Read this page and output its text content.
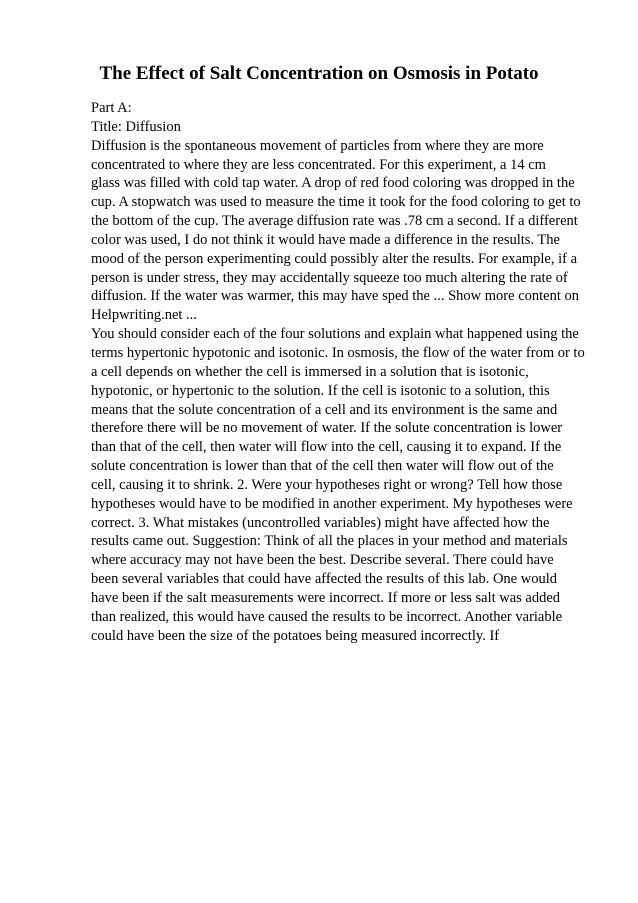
The Effect of Salt Concentration on Osmosis in Potato
Part A:
Title: Diffusion
Diffusion is the spontaneous movement of particles from where they are more
concentrated to where they are less concentrated. For this experiment, a 14 cm
glass was filled with cold tap water. A drop of red food coloring was dropped in the
cup. A stopwatch was used to measure the time it took for the food coloring to get to
the bottom of the cup. The average diffusion rate was .78 cm a second. If a different
color was used, I do not think it would have made a difference in the results. The
mood of the person experimenting could possibly alter the results. For example, if a
person is under stress, they may accidentally squeeze too much altering the rate of
diffusion. If the water was warmer, this may have sped the ... Show more content on
Helpwriting.net ...
You should consider each of the four solutions and explain what happened using the
terms hypertonic hypotonic and isotonic. In osmosis, the flow of the water from or to
a cell depends on whether the cell is immersed in a solution that is isotonic,
hypotonic, or hypertonic to the solution. If the cell is isotonic to a solution, this
means that the solute concentration of a cell and its environment is the same and
therefore there will be no movement of water. If the solute concentration is lower
than that of the cell, then water will flow into the cell, causing it to expand. If the
solute concentration is lower than that of the cell then water will flow out of the
cell, causing it to shrink. 2. Were your hypotheses right or wrong? Tell how those
hypotheses would have to be modified in another experiment. My hypotheses were
correct. 3. What mistakes (uncontrolled variables) might have affected how the
results came out. Suggestion: Think of all the places in your method and materials
where accuracy may not have been the best. Describe several. There could have
been several variables that could have affected the results of this lab. One would
have been if the salt measurements were incorrect. If more or less salt was added
than realized, this would have caused the results to be incorrect. Another variable
could have been the size of the potatoes being measured incorrectly. If
